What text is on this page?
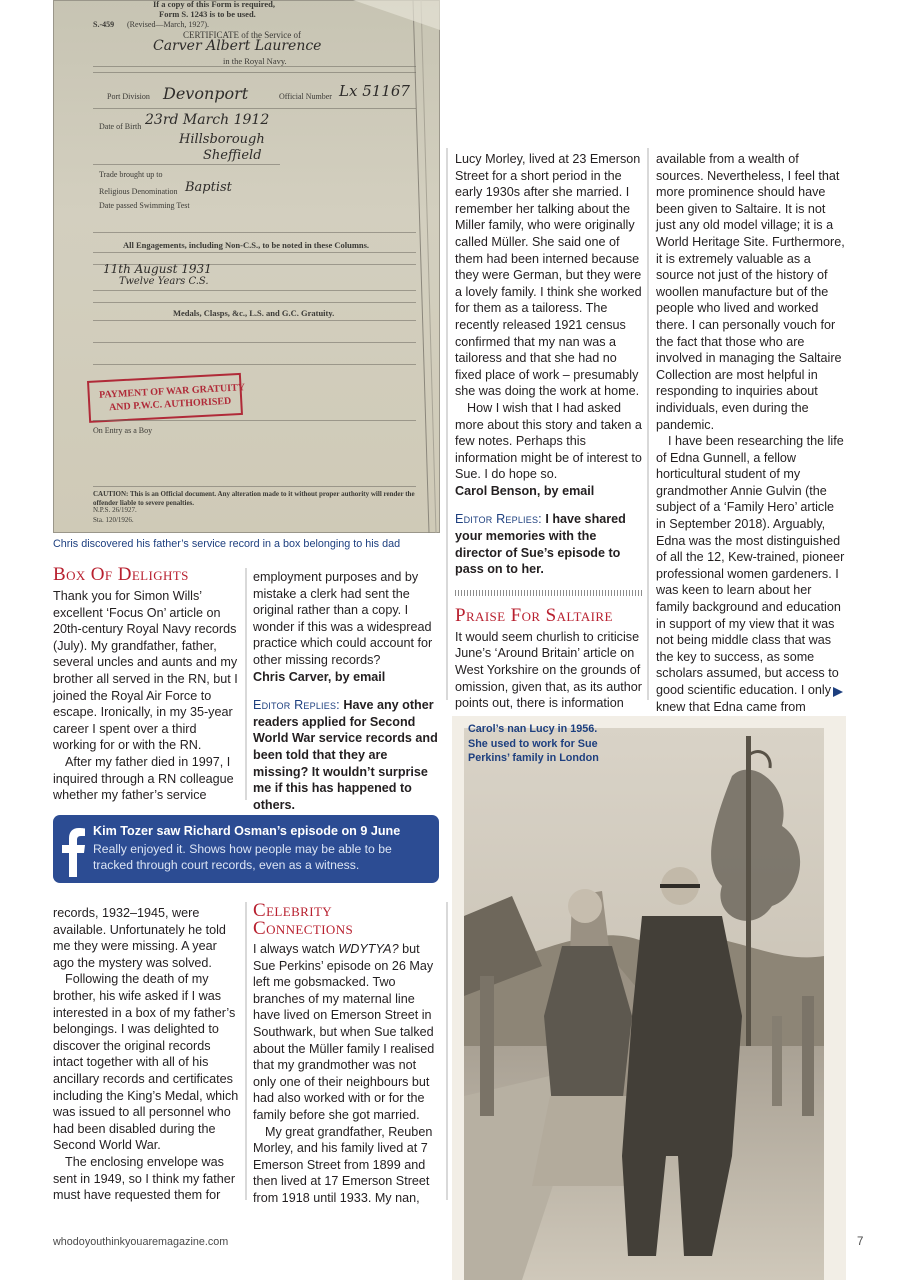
If a copy of this Form is required,
Form S. 1243 is to be used.
S.-459 (Revised—March, 1927).
CERTIFICATE of the Service of
Carver Albert Laurence
in the Royal Navy.
Port Division Devonport	Official Number Lx 51167
Date of Birth 23rd March 1912
Hillsborough
Sheffield
Trade brought up to
Religious Denomination Baptist
Date passed Swimming Test
All Engagements, including Non-C.S., to be noted in these Columns.
11th August 1931
Twelve Years C.S.
Medals, Clasps, &c., L.S. and G.C. Gratuity.
PAYMENT OF WAR GRATUITY
AND P.W.C. AUTHORISED
On Entry as a Boy
CAUTION: This is an Official document. Any alteration made to it without proper authority will render the offender liable to severe penalties.
N.P.S. 26/1927.
Sta. 120/1926.
Chris discovered his father’s service record in a box belonging to his dad
Box Of Delights

Thank you for Simon Wills’ excellent ‘Focus On’ article on 20th-century Royal Navy records (July). My grandfather, father, several uncles and aunts and my brother all served in the RN, but I joined the Royal Air Force to escape. Ironically, in my 35-year career I spent over a third working for or with the RN.

After my father died in 1997, I inquired through a RN colleague whether my father’s service

employment purposes and by mistake a clerk had sent the original rather than a copy. I wonder if this was a widespread practice which could account for other missing records?

Chris Carver, by email

Editor Replies: Have any other readers applied for Second World War service records and been told that they are missing? It wouldn’t surprise me if this has happened to others.

Kim Tozer saw Richard Osman’s episode on 9 June
Really enjoyed it. Shows how people may be able to be tracked through court records, even as a witness.

records, 1932–1945, were available. Unfortunately he told me they were missing. A year ago the mystery was solved.

Following the death of my brother, his wife asked if I was interested in a box of my father’s belongings. I was delighted to discover the original records intact together with all of his ancillary records and certificates including the King’s Medal, which was issued to all personnel who had been disabled during the Second World War.

The enclosing envelope was sent in 1949, so I think my father must have requested them for

Celebrity
Connections

I always watch WDYTYA? but Sue Perkins’ episode on 26 May left me gobsmacked. Two branches of my maternal line have lived on Emerson Street in Southwark, but when Sue talked about the Müller family I realised that my grandmother was not only one of their neighbours but had also worked with or for the family before she got married.

My great grandfather, Reuben Morley, and his family lived at 7 Emerson Street from 1899 and then lived at 17 Emerson Street from 1918 until 1933. My nan,

Lucy Morley, lived at 23 Emerson Street for a short period in the early 1930s after she married. I remember her talking about the Miller family, who were originally called Müller. She said one of them had been interned because they were German, but they were a lovely family. I think she worked for them as a tailoress. The recently released 1921 census confirmed that my nan was a tailoress and that she had no fixed place of work – presumably she was doing the work at home.

How I wish that I had asked more about this story and taken a few notes. Perhaps this information might be of interest to Sue. I do hope so.

Carol Benson, by email

Editor Replies: I have shared your memories with the director of Sue’s episode to pass on to her.

Praise For Saltaire

It would seem churlish to criticise June’s ‘Around Britain’ article on West Yorkshire on the grounds of omission, given that, as its author points out, there is information

available from a wealth of sources. Nevertheless, I feel that more prominence should have been given to Saltaire. It is not just any old model village; it is a World Heritage Site. Furthermore, it is extremely valuable as a source not just of the history of woollen manufacture but of the people who lived and worked there. I can personally vouch for the fact that those who are involved in managing the Saltaire Collection are most helpful in responding to inquiries about individuals, even during the pandemic.

I have been researching the life of Edna Gunnell, a fellow horticultural student of my grandmother Annie Gulvin (the subject of a ‘Family Hero’ article in September 2018). Arguably, Edna was the most distinguished of all the 12, Kew-trained, pioneer professional women gardeners. I was keen to learn about her family background and education in support of my view that it was not being middle class that was the key to success, as some scholars assumed, but access to good scientific education. I only knew that Edna came from

Carol’s nan Lucy in 1956. She used to work for Sue Perkins’ family in London
whodoyouthinkyouaremagazine.com	7
